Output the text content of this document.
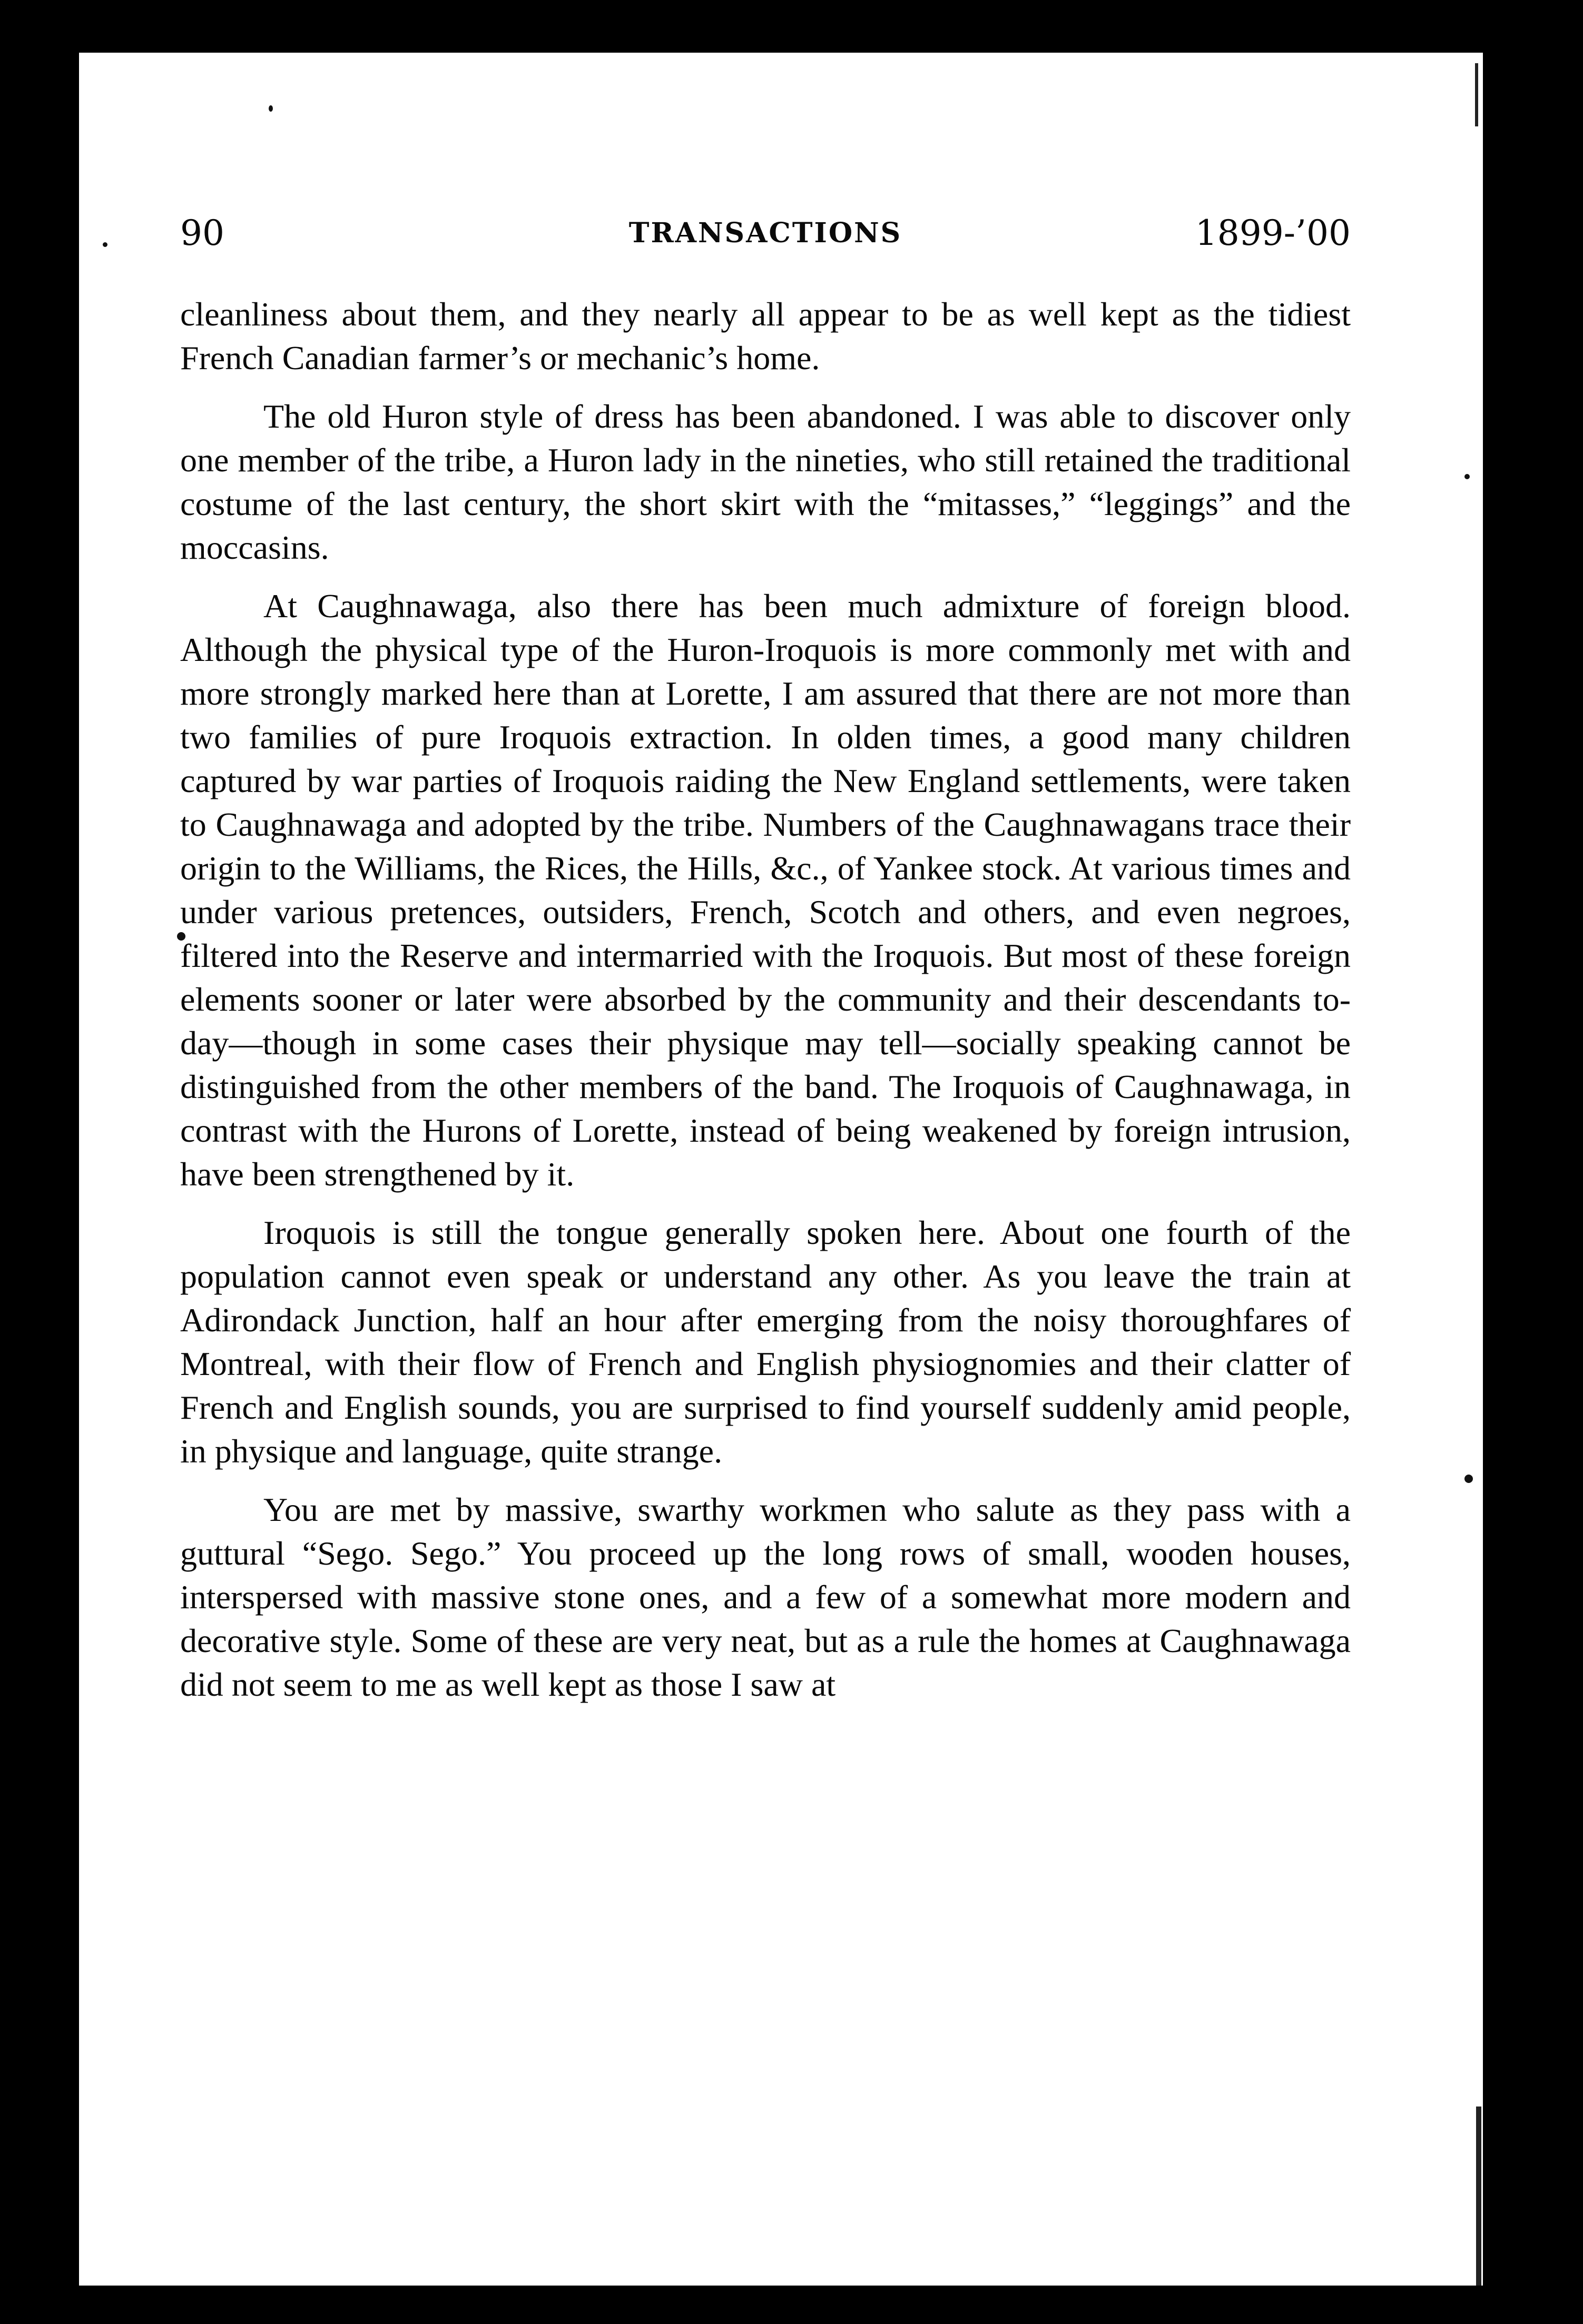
90	TRANSACTIONS	1899-’00

cleanliness about them, and they nearly all appear to be as well kept as the tidiest French Canadian farmer’s or mechanic’s home.

The old Huron style of dress has been abandoned. I was able to discover only one member of the tribe, a Huron lady in the nineties, who still retained the traditional costume of the last century, the short skirt with the “mitasses,” “leggings” and the moccasins.

At Caughnawaga, also there has been much admixture of foreign blood. Although the physical type of the Huron-Iroquois is more commonly met with and more strongly marked here than at Lorette, I am assured that there are not more than two families of pure Iroquois extraction. In olden times, a good many children captured by war parties of Iroquois raiding the New England settlements, were taken to Caughnawaga and adopted by the tribe. Numbers of the Caughnawagans trace their origin to the Williams, the Rices, the Hills, &c., of Yankee stock. At various times and under various pretences, outsiders, French, Scotch and others, and even negroes, filtered into the Reserve and intermarried with the Iroquois. But most of these foreign elements sooner or later were absorbed by the community and their descendants to-day—though in some cases their physique may tell—socially speaking cannot be distinguished from the other members of the band. The Iroquois of Caughnawaga, in contrast with the Hurons of Lorette, instead of being weakened by foreign intrusion, have been strengthened by it.

Iroquois is still the tongue generally spoken here. About one fourth of the population cannot even speak or understand any other. As you leave the train at Adirondack Junction, half an hour after emerging from the noisy thoroughfares of Montreal, with their flow of French and English physiognomies and their clatter of French and English sounds, you are surprised to find yourself suddenly amid people, in physique and language, quite strange.

You are met by massive, swarthy workmen who salute as they pass with a guttural “Sego. Sego.” You proceed up the long rows of small, wooden houses, interspersed with massive stone ones, and a few of a somewhat more modern and decorative style. Some of these are very neat, but as a rule the homes at Caughnawaga did not seem to me as well kept as those I saw at
